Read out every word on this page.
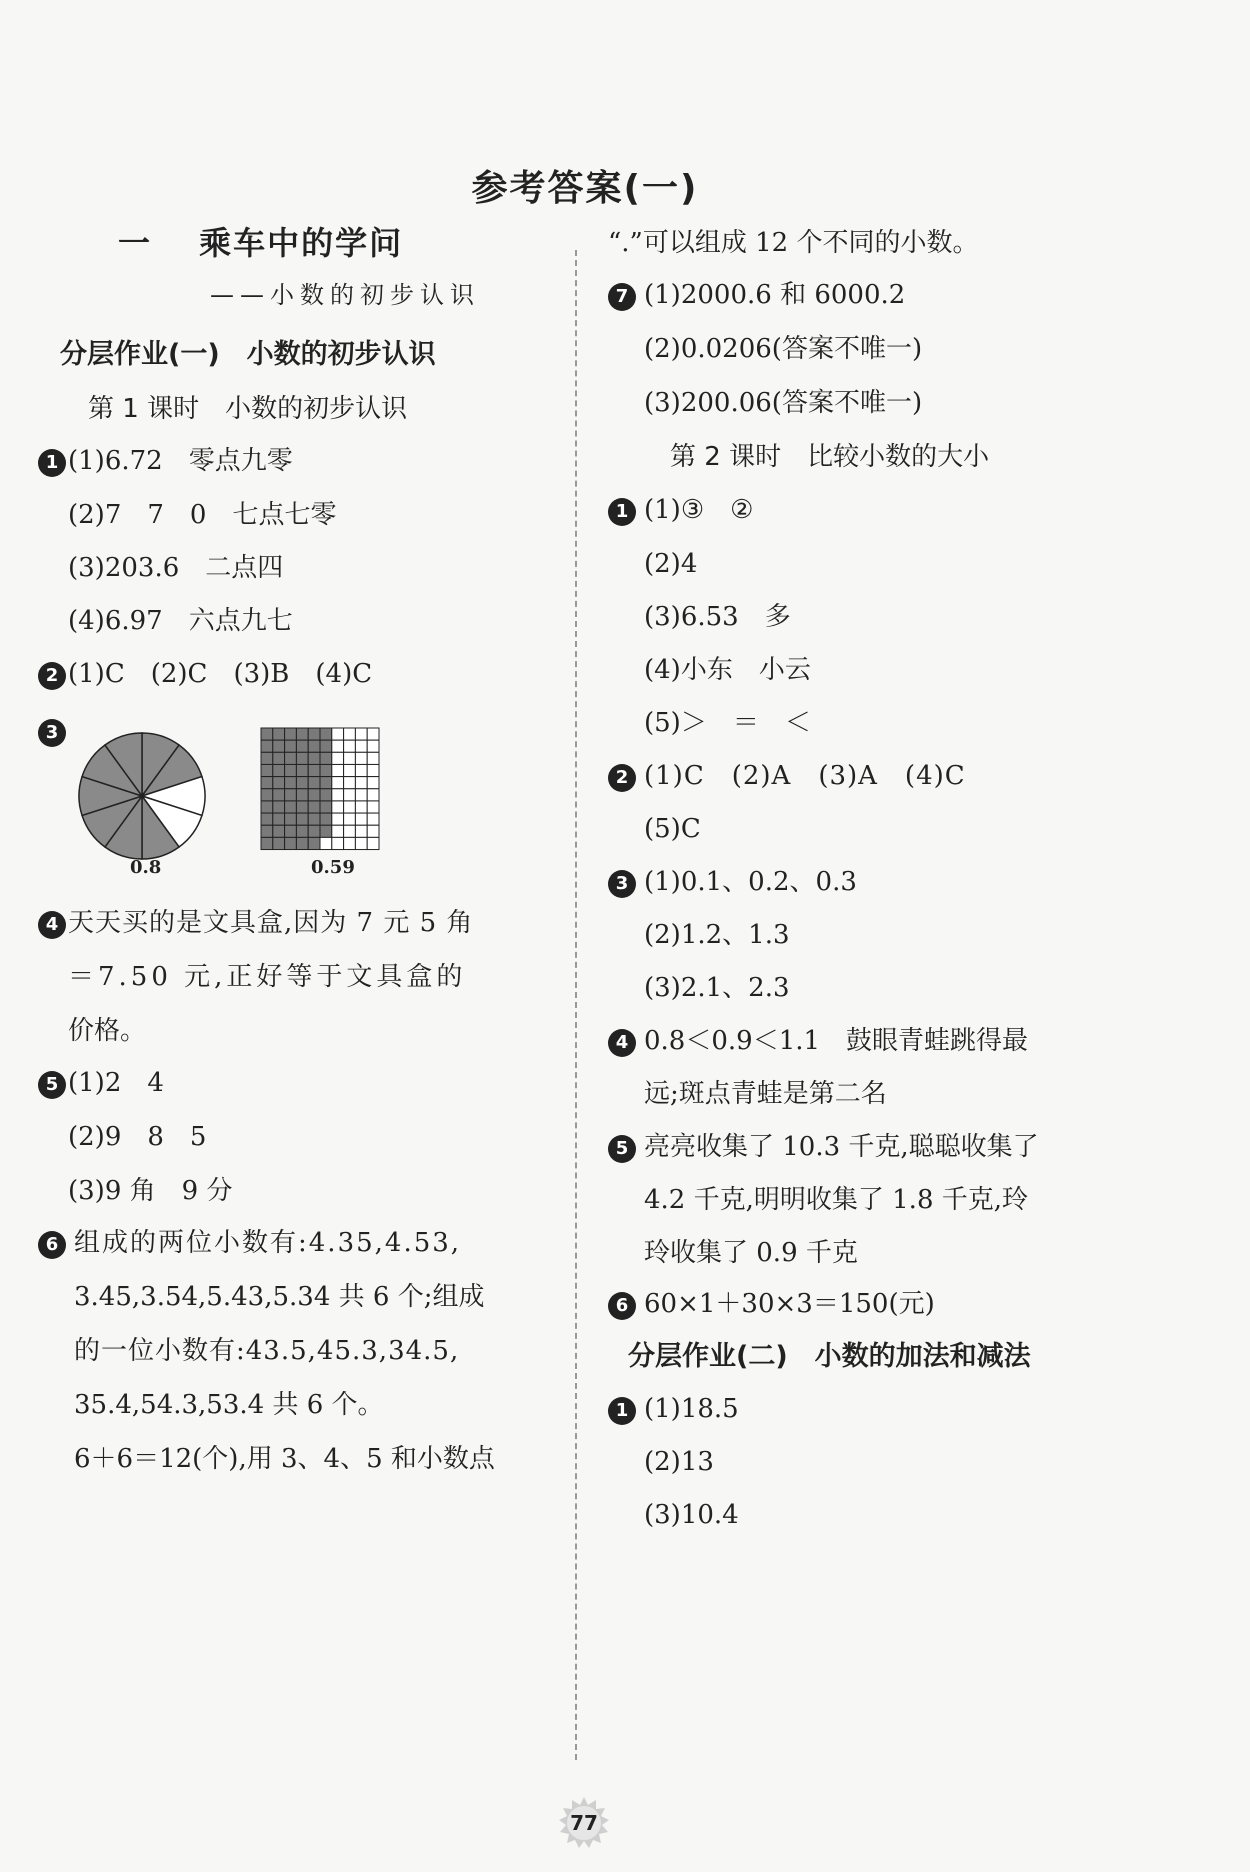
参考答案(一)
一　 乘车中的学问
——小数的初步认识
分层作业(一)　小数的初步认识
第 1 课时　小数的初步认识
1 (1)6.72　零点九零
(2)7　7　0　七点七零
(3)203.6　二点四
(4)6.97　六点九七
2 (1)C　(2)C　(3)B　(4)C
3
0.8	0.59
4 天天买的是文具盒,因为 7 元 5 角
＝7.50 元,正好等于文具盒的
价格。
5 (1)2　4
(2)9　8　5
(3)9 角　9 分
6 组成的两位小数有:4.35,4.53,
3.45,3.54,5.43,5.34 共 6 个;组成
的一位小数有:43.5,45.3,34.5,
35.4,54.3,53.4 共 6 个。
6＋6＝12(个),用 3、4、5 和小数点
“.”可以组成 12 个不同的小数。
7 (1)2000.6 和 6000.2
(2)0.0206(答案不唯一)
(3)200.06(答案不唯一)
第 2 课时　比较小数的大小
1 (1)③　②
(2)4
(3)6.53　多
(4)小东　小云
(5)＞　＝　＜
2 (1)C　(2)A　(3)A　(4)C
(5)C
3 (1)0.1、0.2、0.3
(2)1.2、1.3
(3)2.1、2.3
4 0.8＜0.9＜1.1　鼓眼青蛙跳得最
远;斑点青蛙是第二名
5 亮亮收集了 10.3 千克,聪聪收集了
4.2 千克,明明收集了 1.8 千克,玲
玲收集了 0.9 千克
6 60×1＋30×3＝150(元)
分层作业(二)　小数的加法和减法
1 (1)18.5
(2)13
(3)10.4
77
